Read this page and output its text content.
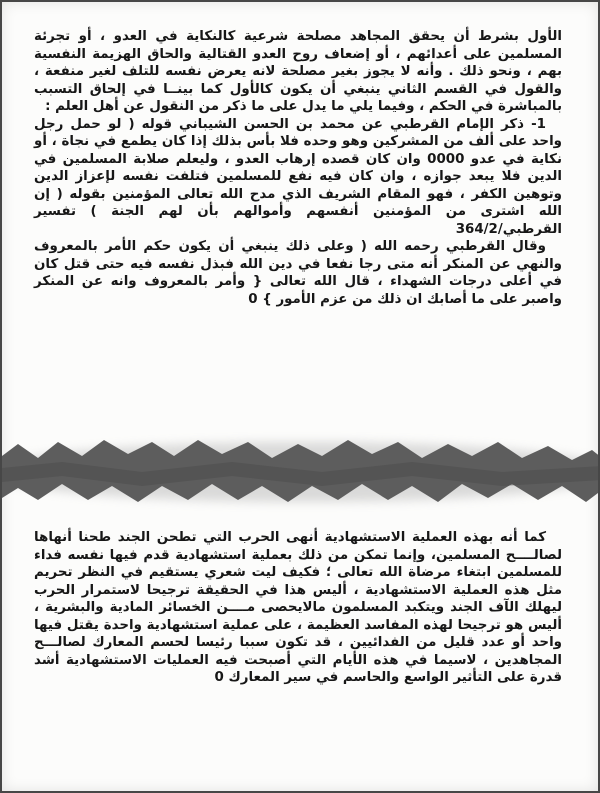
الأول بشرط أن يحقق المجاهد مصلحة شرعية كالنكاية في العدو ، أو تجرئة المسلمين على أعدائهم ، أو إضعاف روح العدو القتالية والحاق الهزيمة النفسية بهم ، ونحو ذلك . وأنه لا يجوز بغير مصلحة لانه يعرض نفسه للتلف لغير منفعة ، والقول في القسم الثاني ينبغي أن يكون كالأول كما بينــا في إلحاق التسبب بالمباشرة في الحكم ، وفيما يلي ما يدل على ما ذكر من النقول عن أهل العلم :

1- ذكر الإمام القرطبي عن محمد بن الحسن الشيباني قوله ( لو حمل رجل واحد على ألف من المشركين وهو وحده فلا بأس بذلك إذا كان يطمع في نجاة ، أو نكاية في عدو 0000 وان كان قصده إرهاب العدو ، وليعلم صلابة المسلمين في الدين فلا يبعد جوازه ، وان كان فيه نفع للمسلمين فتلفت نفسه لإعزاز الدين وتوهين الكفر ، فهو المقام الشريف الذي مدح الله تعالى المؤمنين بقوله ( إن الله اشترى من المؤمنين أنفسهم وأموالهم بأن لهم الجنة ) تفسير القرطبي/364/2

وقال القرطبي رحمه الله ( وعلى ذلك ينبغي أن يكون حكم الأمر بالمعروف والنهي عن المنكر أنه متى رجا نفعا في دين الله فبذل نفسه فيه حتى قتل كان في أعلى درجات الشهداء ، قال الله تعالى { وأمر بالمعروف وانه عن المنكر واصبر على ما أصابك ان ذلك من عزم الأمور } 0

كما أنه بهذه العملية الاستشهادية أنهى الحرب التي تطحن الجند طحنا أنهاها لصالــــح المسلمين، وإنما تمكن من ذلك بعملية استشهادية قدم فيها نفسه فداء للمسلمين ابتغاء مرضاة الله تعالى ؛ فكيف ليت شعري يستقيم في النظر تحريم مثل هذه العملية الاستشهادية ، أليس هذا في الحقيقة ترجيحا لاستمرار الحرب ليهلك الآف الجند ويتكبد المسلمون مالايحصى مــــن الخسائر المادية والبشرية ، أليس هو ترجيحا لهذه المفاسد العظيمة ، على عملية استشهادية واحدة يقتل فيها واحد أو عدد قليل من الفدائيين ، قد تكون سببا رئيسا لحسم المعارك لصالـــح المجاهدين ، لاسيما في هذه الأيام التي أصبحت فيه العمليات الاستشهادية أشد قدرة على التأثير الواسع والحاسم في سير المعارك 0
